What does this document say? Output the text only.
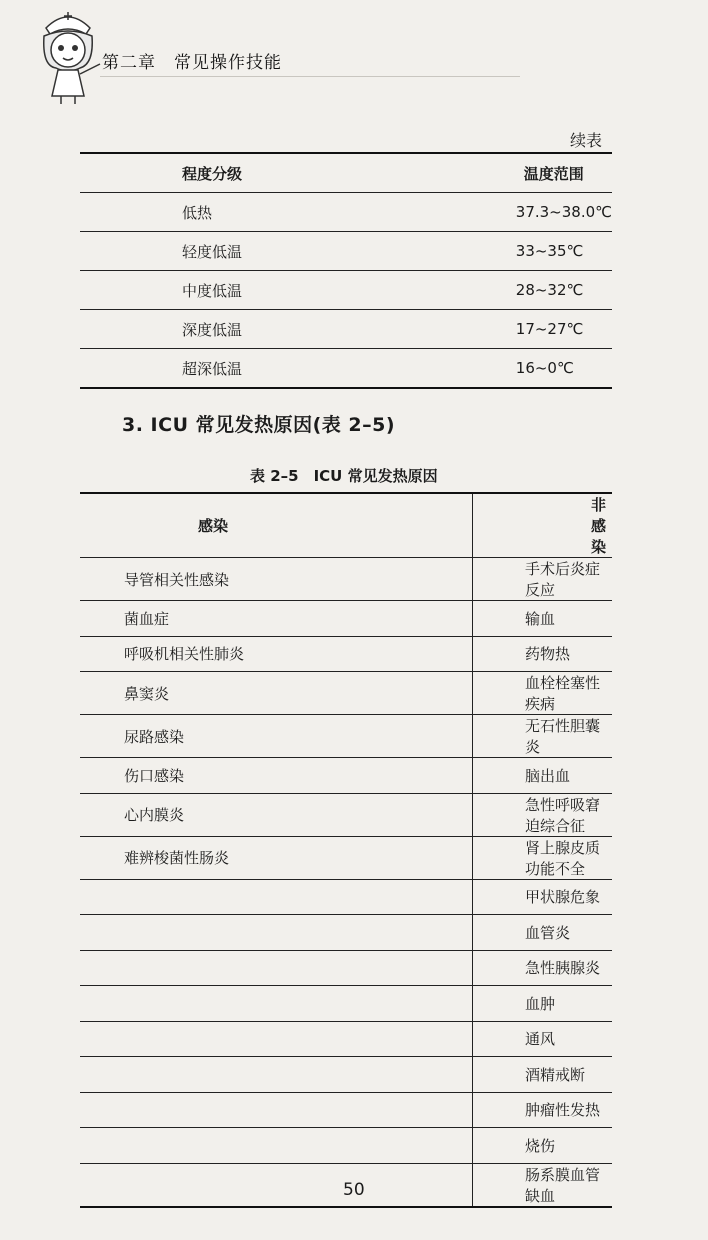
第二章　常见操作技能
续表
程度分级	温度范围
低热	37.3~38.0℃
轻度低温	33~35℃
中度低温	28~32℃
深度低温	17~27℃
超深低温	16~0℃
3. ICU 常见发热原因(表 2–5)
表 2–5　ICU 常见发热原因
感染	非感染
导管相关性感染	手术后炎症反应
菌血症	输血
呼吸机相关性肺炎	药物热
鼻窦炎	血栓栓塞性疾病
尿路感染	无石性胆囊炎
伤口感染	脑出血
心内膜炎	急性呼吸窘迫综合征
难辨梭菌性肠炎	肾上腺皮质功能不全
	甲状腺危象
	血管炎
	急性胰腺炎
	血肿
	通风
	酒精戒断
	肿瘤性发热
	烧伤
	肠系膜血管缺血
50
